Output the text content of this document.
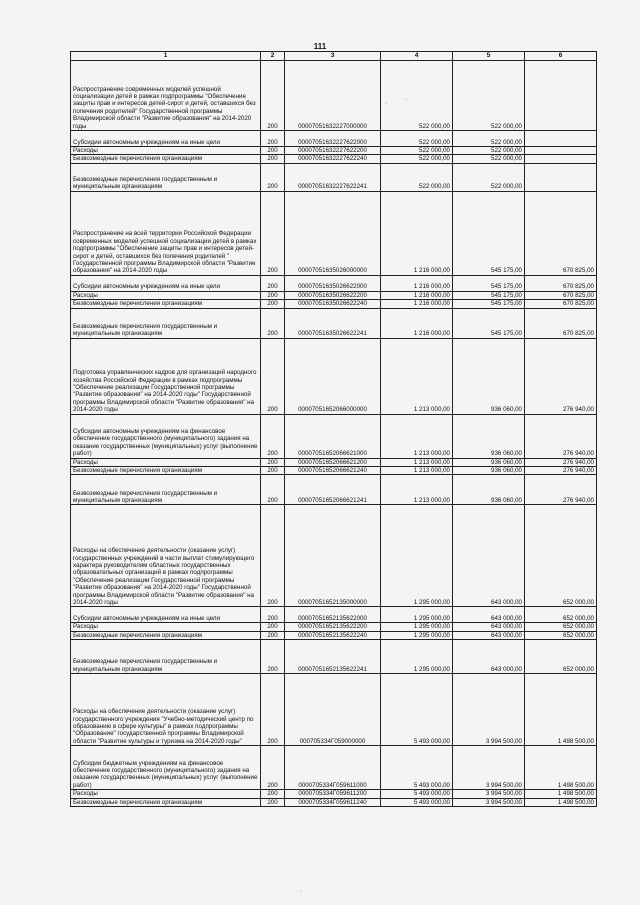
111
1	2	3	4	5	6
Распространение современных моделей успешной социализации детей в рамках подпрограммы "Обеспечение защиты прав и интересов детей-сирот и детей, оставшихся без попечения родителей" Государственной программы Владимирской области "Развитие образования" на 2014-2020 годы	200	00007051632227000000	522 000,00	522 000,00	
Субсидии автономным учреждениям на иные цели	200	00007051632227622000	522 000,00	522 000,00	
Расходы	200	00007051632227622200	522 000,00	522 000,00	
Безвозмездные перечисления организациям	200	00007051632227622240	522 000,00	522 000,00	
Безвозмездные перечисления государственным и муниципальным организациям	200	00007051632227622241	522 000,00	522 000,00	
Распространение на всей территории Российской Федерации современных моделей успешной социализации детей в рамках подпрограммы "Обеспечение защиты прав и интересов детей-сирот и детей, оставшихся без попечения родителей " Государственной программы Владимирской области "Развитие образования" на 2014-2020 годы	200	00007051635026000000	1 216 000,00	545 175,00	670 825,00
Субсидии автономным учреждениям на иные цели	200	00007051635026622000	1 216 000,00	545 175,00	670 825,00
Расходы	200	00007051635026622200	1 216 000,00	545 175,00	670 825,00
Безвозмездные перечисления организациям	200	00007051635026622240	1 216 000,00	545 175,00	670 825,00
Безвозмездные перечисления государственным и муниципальным организациям	200	00007051635026622241	1 216 000,00	545 175,00	670 825,00
Подготовка управленческих кадров для организаций народного хозяйства Российской Федерации в рамках подпрограммы "Обеспечение реализации Государственной программы "Развитие образования" на 2014-2020 годы" Государственной программы Владимирской области "Развитие образования" на 2014-2020 годы	200	00007051652066000000	1 213 000,00	936 060,00	276 940,00
Субсидии автономным учреждениям на финансовое обеспечение государственного (муниципального) задания на оказание государственных (муниципальных) услуг (выполнение работ)	200	00007051652066621000	1 213 000,00	936 060,00	276 940,00
Расходы	200	00007051652066621200	1 213 000,00	936 060,00	276 940,00
Безвозмездные перечисления организациям	200	00007051652066621240	1 213 000,00	936 060,00	276 940,00
Безвозмездные перечисления государственным и муниципальным организациям	200	00007051652066621241	1 213 000,00	936 060,00	276 940,00
Расходы на обеспечение деятельности (оказание услуг) государственных учреждений в части выплат стимулирующего характера руководителям областных государственных образовательных организаций в рамках подпрограммы "Обеспечение реализации Государственной программы "Развитие образования" на 2014-2020 годы" Государственной программы Владимирской области "Развитие образования" на 2014-2020 годы	200	00007051652135000000	1 295 000,00	643 000,00	652 000,00
Субсидии автономным учреждениям на иные цели	200	00007051652135622000	1 295 000,00	643 000,00	652 000,00
Расходы	200	00007051652135622200	1 295 000,00	643 000,00	652 000,00
Безвозмездные перечисления организациям	200	00007051652135622240	1 295 000,00	643 000,00	652 000,00
Безвозмездные перечисления государственным и муниципальным организациям	200	00007051652135622241	1 295 000,00	643 000,00	652 000,00
Расходы на обеспечение деятельности (оказание услуг) государственного учреждения "Учебно-методический центр по образованию в сфере культуры" в рамках подпрограммы "Образование" государственной программы Владимирской области "Развитие культуры и туризма на 2014-2020 годы"	200	0007053З4Г059000000	5 493 000,00	3 994 500,00	1 498 500,00
Субсидии бюджетным учреждениям на финансовое обеспечение государственного (муниципального) задания на оказание государственных (муниципальных) услуг (выполнение работ)	200	0000705334Г059611000	5 493 000,00	3 994 500,00	1 498 500,00
Расходы	200	0000705334Г059611200	5 493 000,00	3 994 500,00	1 498 500,00
Безвозмездные перечисления организациям	200	0000705334Г059611240	5 493 000,00	3 994 500,00	1 498 500,00
·
·
·
